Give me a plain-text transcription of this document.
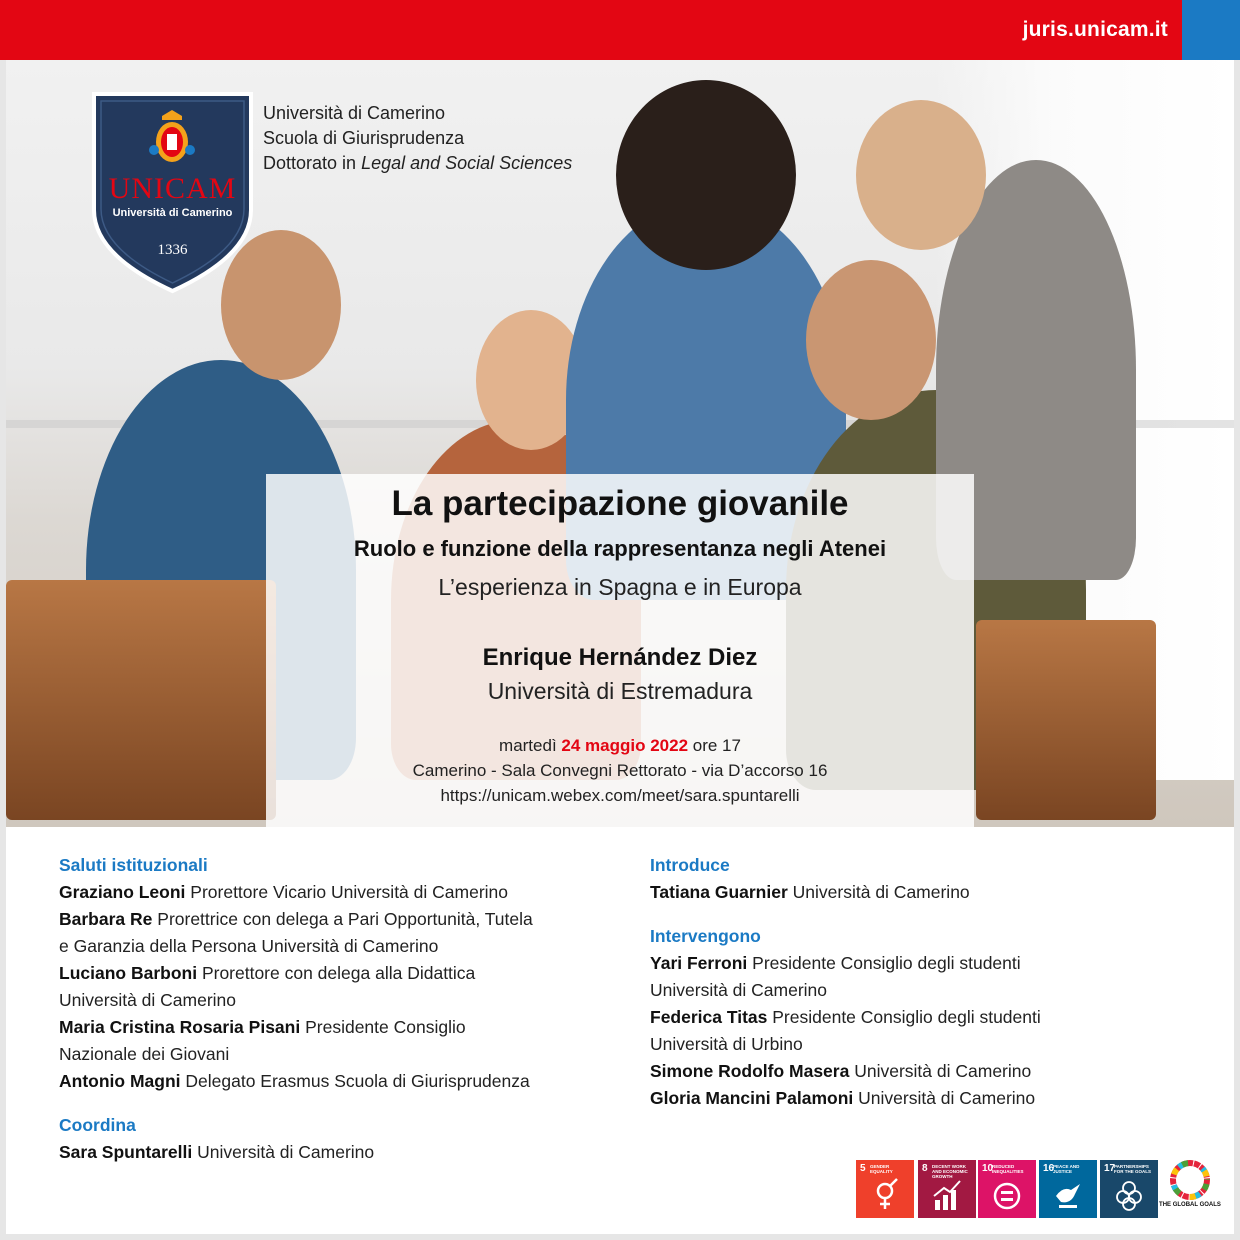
juris.unicam.it
UNICAM
Università di Camerino
1336
Università di Camerino
Scuola di Giurisprudenza
Dottorato in Legal and Social Sciences
La partecipazione giovanile
Ruolo e funzione della rappresentanza negli Atenei
L’esperienza in Spagna e in Europa
Enrique Hernández Diez
Università di Estremadura
martedì 24 maggio 2022 ore 17
Camerino - Sala Convegni Rettorato - via D’accorso 16
https://unicam.webex.com/meet/sara.spuntarelli
Saluti istituzionali
Graziano Leoni Prorettore Vicario Università di Camerino
Barbara Re Prorettrice con delega a Pari Opportunità, Tutela
e Garanzia della Persona Università di Camerino
Luciano Barboni Prorettore con delega alla Didattica
Università di Camerino
Maria Cristina Rosaria Pisani Presidente Consiglio
Nazionale dei Giovani
Antonio Magni Delegato Erasmus Scuola di Giurisprudenza
Coordina
Sara Spuntarelli Università di Camerino
Introduce
Tatiana Guarnier Università di Camerino
Intervengono
Yari Ferroni Presidente Consiglio degli studenti
Università di Camerino
Federica Titas Presidente Consiglio degli studenti
Università di Urbino
Simone Rodolfo Masera Università di Camerino
Gloria Mancini Palamoni Università di Camerino
5 GENDER EQUALITY	8 DECENT WORK AND ECONOMIC GROWTH
10
REDUCED INEQUALITIES	16
PEACE AND JUSTICE	17
PARTNERSHIPS FOR THE GOALS
THE GLOBAL GOALS
